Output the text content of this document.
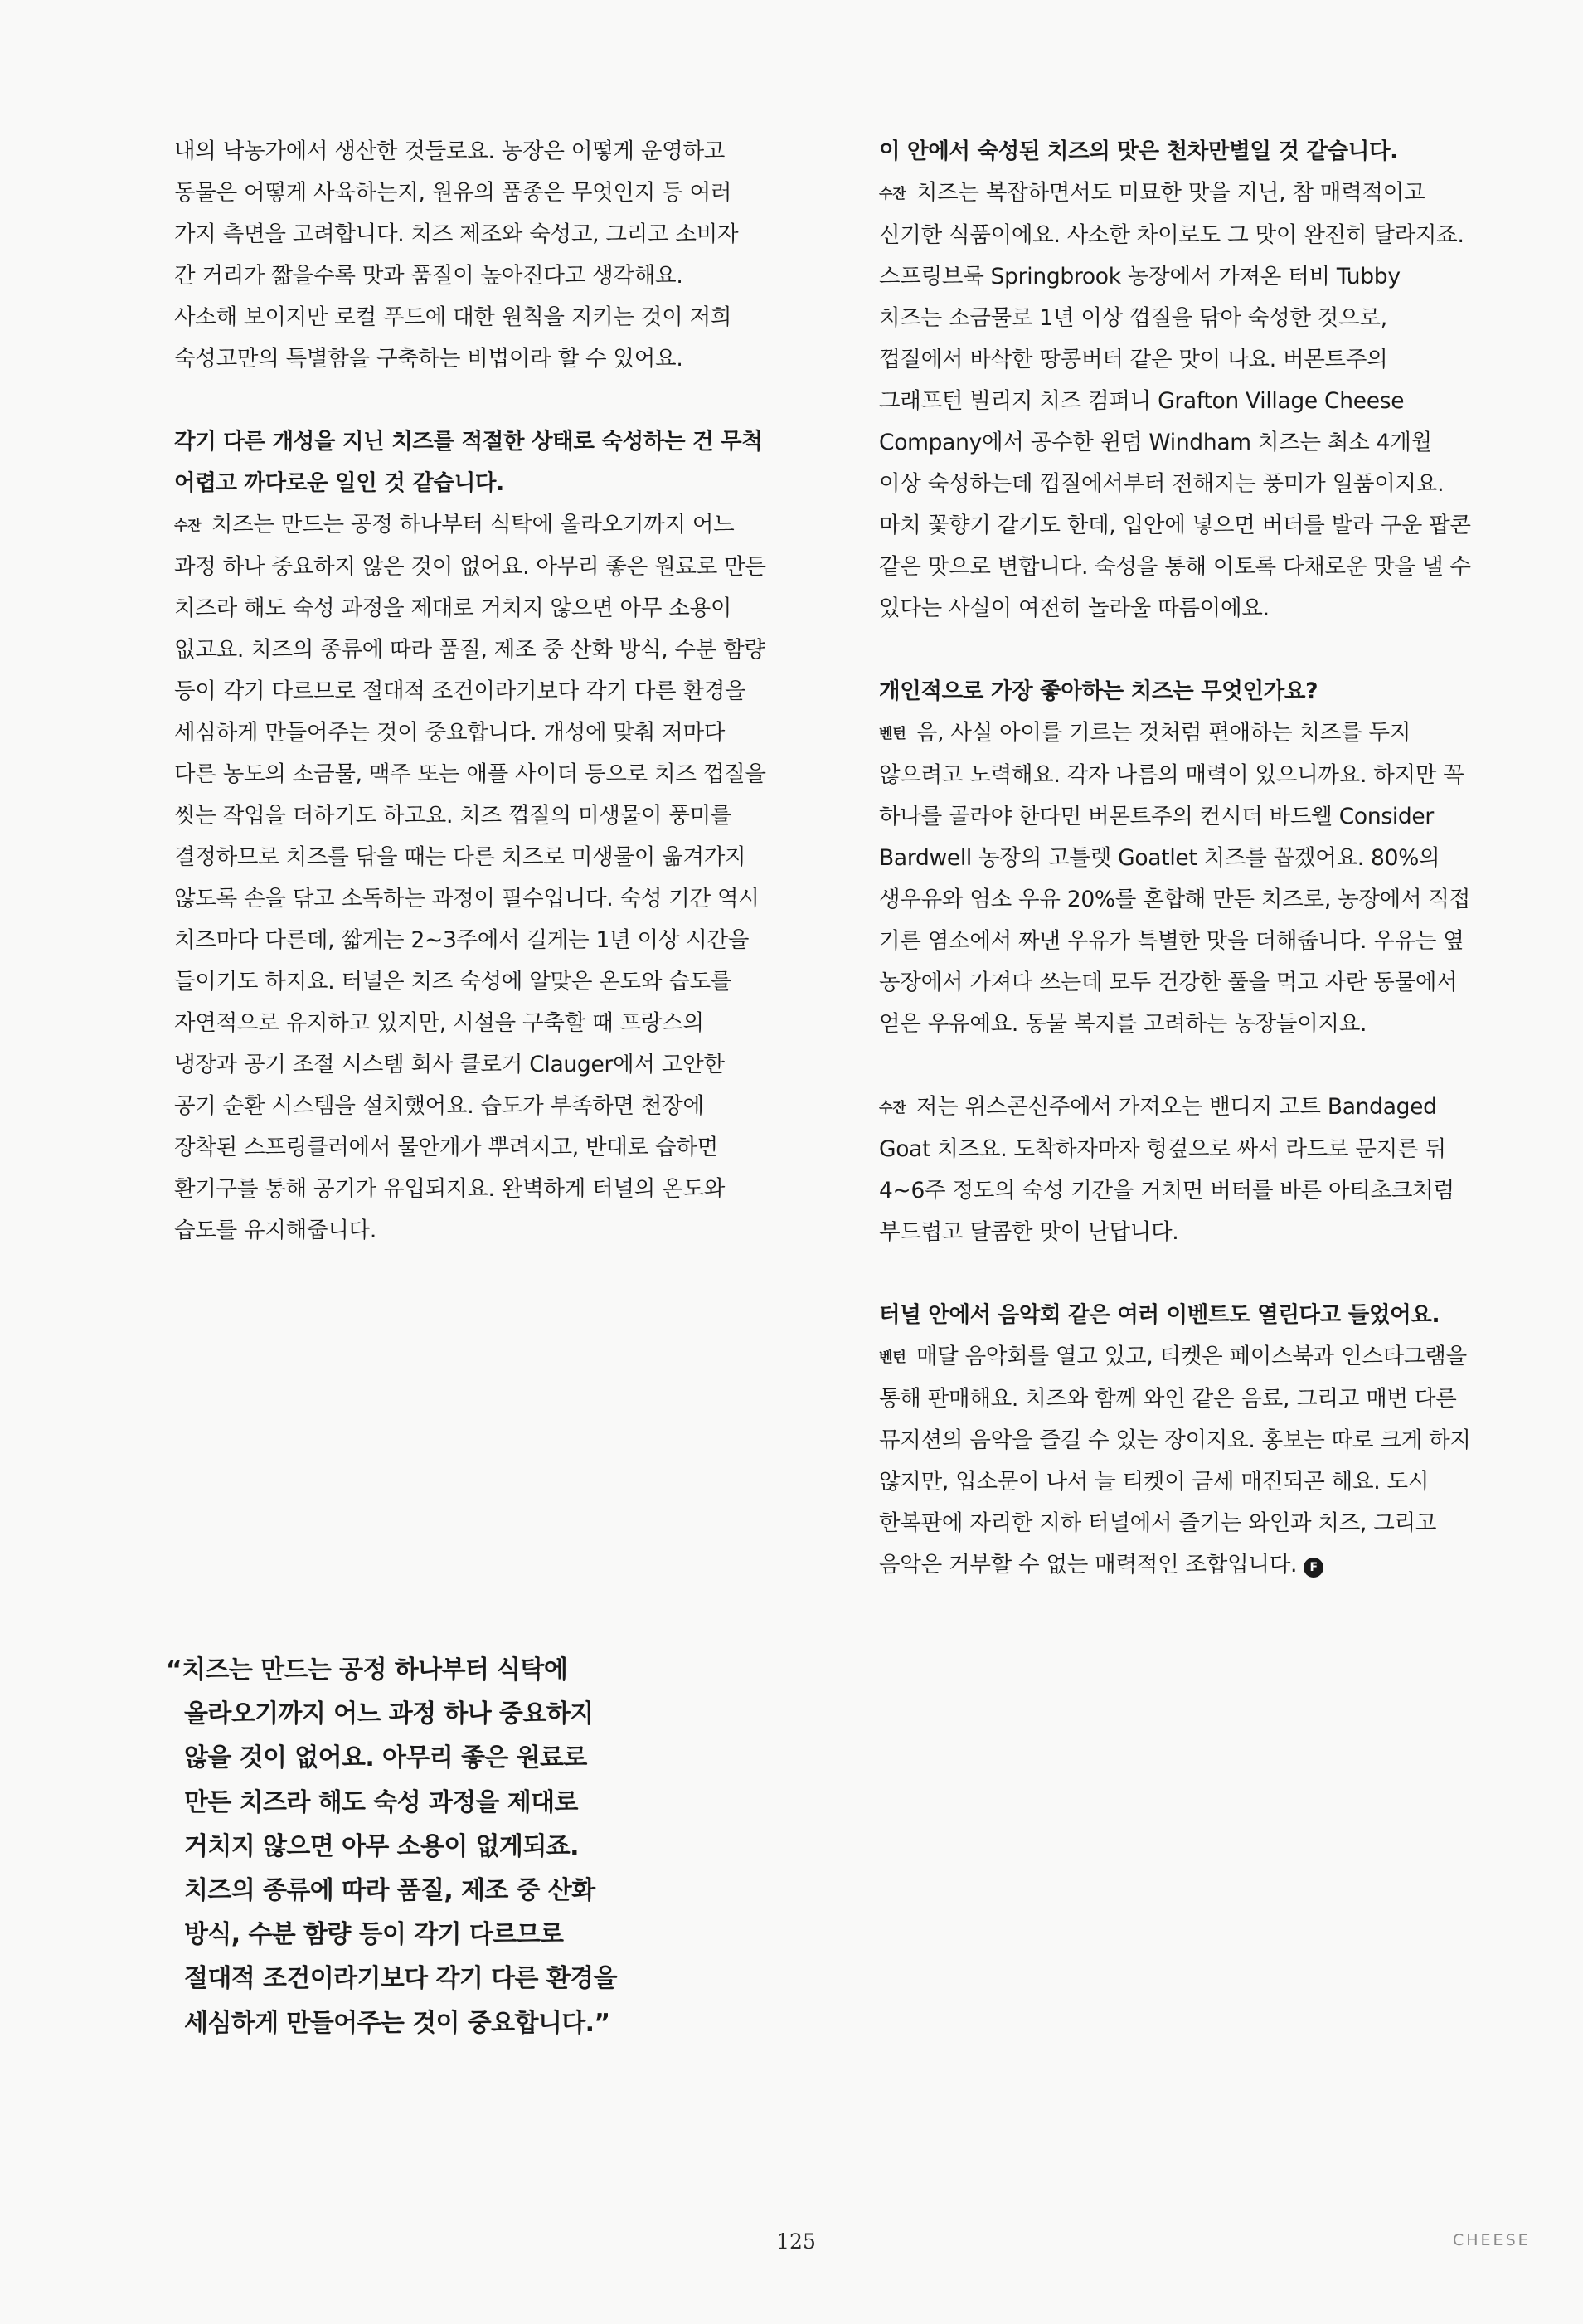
내의 낙농가에서 생산한 것들로요. 농장은 어떻게 운영하고

동물은 어떻게 사육하는지, 원유의 품종은 무엇인지 등 여러

가지 측면을 고려합니다. 치즈 제조와 숙성고, 그리고 소비자

간 거리가 짧을수록 맛과 품질이 높아진다고 생각해요.

사소해 보이지만 로컬 푸드에 대한 원칙을 지키는 것이 저희

숙성고만의 특별함을 구축하는 비법이라 할 수 있어요.

각기 다른 개성을 지닌 치즈를 적절한 상태로 숙성하는 건 무척

어렵고 까다로운 일인 것 같습니다.

수잔 치즈는 만드는 공정 하나부터 식탁에 올라오기까지 어느

과정 하나 중요하지 않은 것이 없어요. 아무리 좋은 원료로 만든

치즈라 해도 숙성 과정을 제대로 거치지 않으면 아무 소용이

없고요. 치즈의 종류에 따라 품질, 제조 중 산화 방식, 수분 함량

등이 각기 다르므로 절대적 조건이라기보다 각기 다른 환경을

세심하게 만들어주는 것이 중요합니다. 개성에 맞춰 저마다

다른 농도의 소금물, 맥주 또는 애플 사이더 등으로 치즈 껍질을

씻는 작업을 더하기도 하고요. 치즈 껍질의 미생물이 풍미를

결정하므로 치즈를 닦을 때는 다른 치즈로 미생물이 옮겨가지

않도록 손을 닦고 소독하는 과정이 필수입니다. 숙성 기간 역시

치즈마다 다른데, 짧게는 2~3주에서 길게는 1년 이상 시간을

들이기도 하지요. 터널은 치즈 숙성에 알맞은 온도와 습도를

자연적으로 유지하고 있지만, 시설을 구축할 때 프랑스의

냉장과 공기 조절 시스템 회사 클로거 Clauger에서 고안한

공기 순환 시스템을 설치했어요. 습도가 부족하면 천장에

장착된 스프링클러에서 물안개가 뿌려지고, 반대로 습하면

환기구를 통해 공기가 유입되지요. 완벽하게 터널의 온도와

습도를 유지해줍니다.

이 안에서 숙성된 치즈의 맛은 천차만별일 것 같습니다.

수잔 치즈는 복잡하면서도 미묘한 맛을 지닌, 참 매력적이고

신기한 식품이에요. 사소한 차이로도 그 맛이 완전히 달라지죠.

스프링브룩 Springbrook 농장에서 가져온 터비 Tubby

치즈는 소금물로 1년 이상 껍질을 닦아 숙성한 것으로,

껍질에서 바삭한 땅콩버터 같은 맛이 나요. 버몬트주의

그래프턴 빌리지 치즈 컴퍼니 Grafton Village Cheese

Company에서 공수한 윈덤 Windham 치즈는 최소 4개월

이상 숙성하는데 껍질에서부터 전해지는 풍미가 일품이지요.

마치 꽃향기 같기도 한데, 입안에 넣으면 버터를 발라 구운 팝콘

같은 맛으로 변합니다. 숙성을 통해 이토록 다채로운 맛을 낼 수

있다는 사실이 여전히 놀라울 따름이에요.

개인적으로 가장 좋아하는 치즈는 무엇인가요?

벤턴 음, 사실 아이를 기르는 것처럼 편애하는 치즈를 두지

않으려고 노력해요. 각자 나름의 매력이 있으니까요. 하지만 꼭

하나를 골라야 한다면 버몬트주의 컨시더 바드웰 Consider

Bardwell 농장의 고틀렛 Goatlet 치즈를 꼽겠어요. 80%의

생우유와 염소 우유 20%를 혼합해 만든 치즈로, 농장에서 직접

기른 염소에서 짜낸 우유가 특별한 맛을 더해줍니다. 우유는 옆

농장에서 가져다 쓰는데 모두 건강한 풀을 먹고 자란 동물에서

얻은 우유예요. 동물 복지를 고려하는 농장들이지요.

수잔 저는 위스콘신주에서 가져오는 밴디지 고트 Bandaged

Goat 치즈요. 도착하자마자 헝겊으로 싸서 라드로 문지른 뒤

4~6주 정도의 숙성 기간을 거치면 버터를 바른 아티초크처럼

부드럽고 달콤한 맛이 난답니다.

터널 안에서 음악회 같은 여러 이벤트도 열린다고 들었어요.

벤턴 매달 음악회를 열고 있고, 티켓은 페이스북과 인스타그램을

통해 판매해요. 치즈와 함께 와인 같은 음료, 그리고 매번 다른

뮤지션의 음악을 즐길 수 있는 장이지요. 홍보는 따로 크게 하지

않지만, 입소문이 나서 늘 티켓이 금세 매진되곤 해요. 도시

한복판에 자리한 지하 터널에서 즐기는 와인과 치즈, 그리고

음악은 거부할 수 없는 매력적인 조합입니다. F

“치즈는 만드는 공정 하나부터 식탁에
올라오기까지 어느 과정 하나 중요하지
않을 것이 없어요. 아무리 좋은 원료로
만든 치즈라 해도 숙성 과정을 제대로
거치지 않으면 아무 소용이 없게되죠.
치즈의 종류에 따라 품질, 제조 중 산화
방식, 수분 함량 등이 각기 다르므로
절대적 조건이라기보다 각기 다른 환경을
세심하게 만들어주는 것이 중요합니다.”
125	CHEESE
